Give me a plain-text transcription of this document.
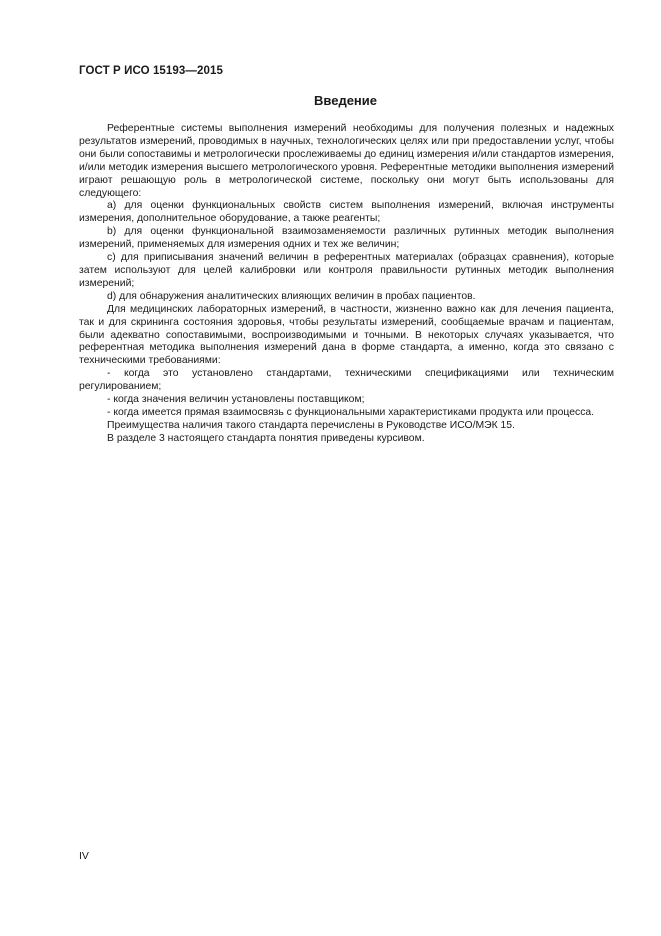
ГОСТ Р ИСО 15193—2015
Введение

Референтные системы выполнения измерений необходимы для получения полезных и надежных результатов измерений, проводимых в научных, технологических целях или при предоставлении услуг, чтобы они были сопоставимы и метрологически прослеживаемы до единиц измерения и/или стандартов измерения, и/или методик измерения высшего метрологического уровня. Референтные методики выполнения измерений играют решающую роль в метрологической системе, поскольку они могут быть использованы для следующего:

a) для оценки функциональных свойств систем выполнения измерений, включая инструменты измерения, дополнительное оборудование, а также реагенты;

b) для оценки функциональной взаимозаменяемости различных рутинных методик выполнения измерений, применяемых для измерения одних и тех же величин;

c) для приписывания значений величин в референтных материалах (образцах сравнения), которые затем используют для целей калибровки или контроля правильности рутинных методик выполнения измерений;

d) для обнаружения аналитических влияющих величин в пробах пациентов.

Для медицинских лабораторных измерений, в частности, жизненно важно как для лечения пациента, так и для скрининга состояния здоровья, чтобы результаты измерений, сообщаемые врачам и пациентам, были адекватно сопоставимыми, воспроизводимыми и точными. В некоторых случаях указывается, что референтная методика выполнения измерений дана в форме стандарта, а именно, когда это связано с техническими требованиями:

- когда это установлено стандартами, техническими спецификациями или техническим регулированием;

- когда значения величин установлены поставщиком;

- когда имеется прямая взаимосвязь с функциональными характеристиками продукта или процесса.

Преимущества наличия такого стандарта перечислены в Руководстве ИСО/МЭК 15.

В разделе 3 настоящего стандарта понятия приведены курсивом.

IV
